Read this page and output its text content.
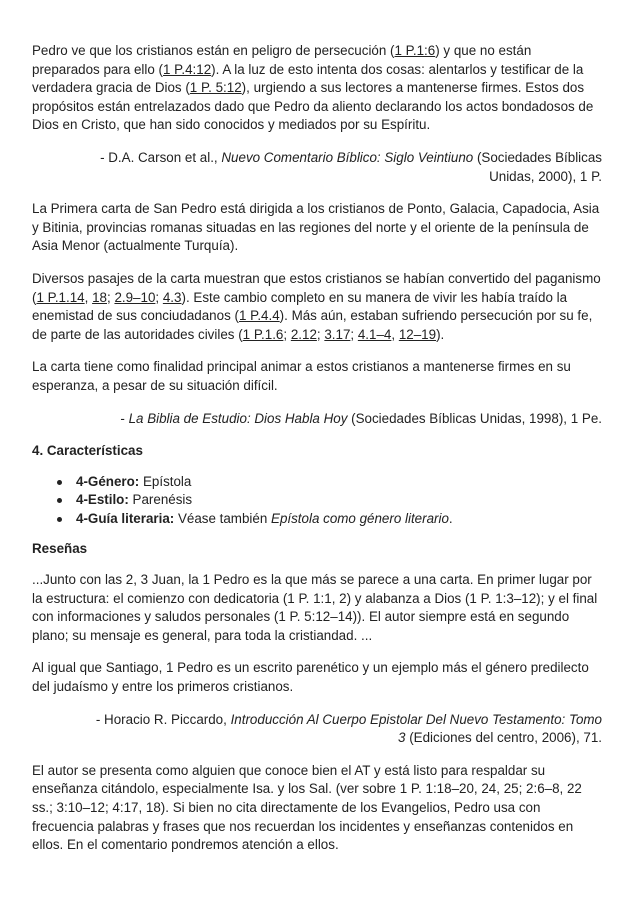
Pedro ve que los cristianos están en peligro de persecución (1 P.1:6) y que no están preparados para ello (1 P.4:12). A la luz de esto intenta dos cosas: alentarlos y testificar de la verdadera gracia de Dios (1 P. 5:12), urgiendo a sus lectores a mantenerse firmes. Estos dos propósitos están entrelazados dado que Pedro da aliento declarando los actos bondadosos de Dios en Cristo, que han sido conocidos y mediados por su Espíritu.

- D.A. Carson et al., Nuevo Comentario Bíblico: Siglo Veintiuno (Sociedades Bíblicas Unidas, 2000), 1 P.

La Primera carta de San Pedro está dirigida a los cristianos de Ponto, Galacia, Capadocia, Asia y Bitinia, provincias romanas situadas en las regiones del norte y el oriente de la península de Asia Menor (actualmente Turquía).

Diversos pasajes de la carta muestran que estos cristianos se habían convertido del paganismo (1 P.1.14, 18; 2.9–10; 4.3). Este cambio completo en su manera de vivir les había traído la enemistad de sus conciudadanos (1 P.4.4). Más aún, estaban sufriendo persecución por su fe, de parte de las autoridades civiles (1 P.1.6; 2.12; 3.17; 4.1–4, 12–19).

La carta tiene como finalidad principal animar a estos cristianos a mantenerse firmes en su esperanza, a pesar de su situación difícil.

- La Biblia de Estudio: Dios Habla Hoy (Sociedades Bíblicas Unidas, 1998), 1 Pe.

4. Características
4-Género: Epístola
4-Estilo: Parenésis
4-Guía literaria: Véase también Epístola como género literario.
Reseñas

...Junto con las 2, 3 Juan, la 1 Pedro es la que más se parece a una carta. En primer lugar por la estructura: el comienzo con dedicatoria (1 P. 1:1, 2) y alabanza a Dios (1 P. 1:3–12); y el final con informaciones y saludos personales (1 P. 5:12–14)). El autor siempre está en segundo plano; su mensaje es general, para toda la cristiandad. ...

Al igual que Santiago, 1 Pedro es un escrito parenético y un ejemplo más el género predilecto del judaísmo y entre los primeros cristianos.

- Horacio R. Piccardo, Introducción Al Cuerpo Epistolar Del Nuevo Testamento: Tomo 3 (Ediciones del centro, 2006), 71.

El autor se presenta como alguien que conoce bien el AT y está listo para respaldar su enseñanza citándolo, especialmente Isa. y los Sal. (ver sobre 1 P. 1:18–20, 24, 25; 2:6–8, 22 ss.; 3:10–12; 4:17, 18). Si bien no cita directamente de los Evangelios, Pedro usa con frecuencia palabras y frases que nos recuerdan los incidentes y enseñanzas contenidos en ellos. En el comentario pondremos atención a ellos.
